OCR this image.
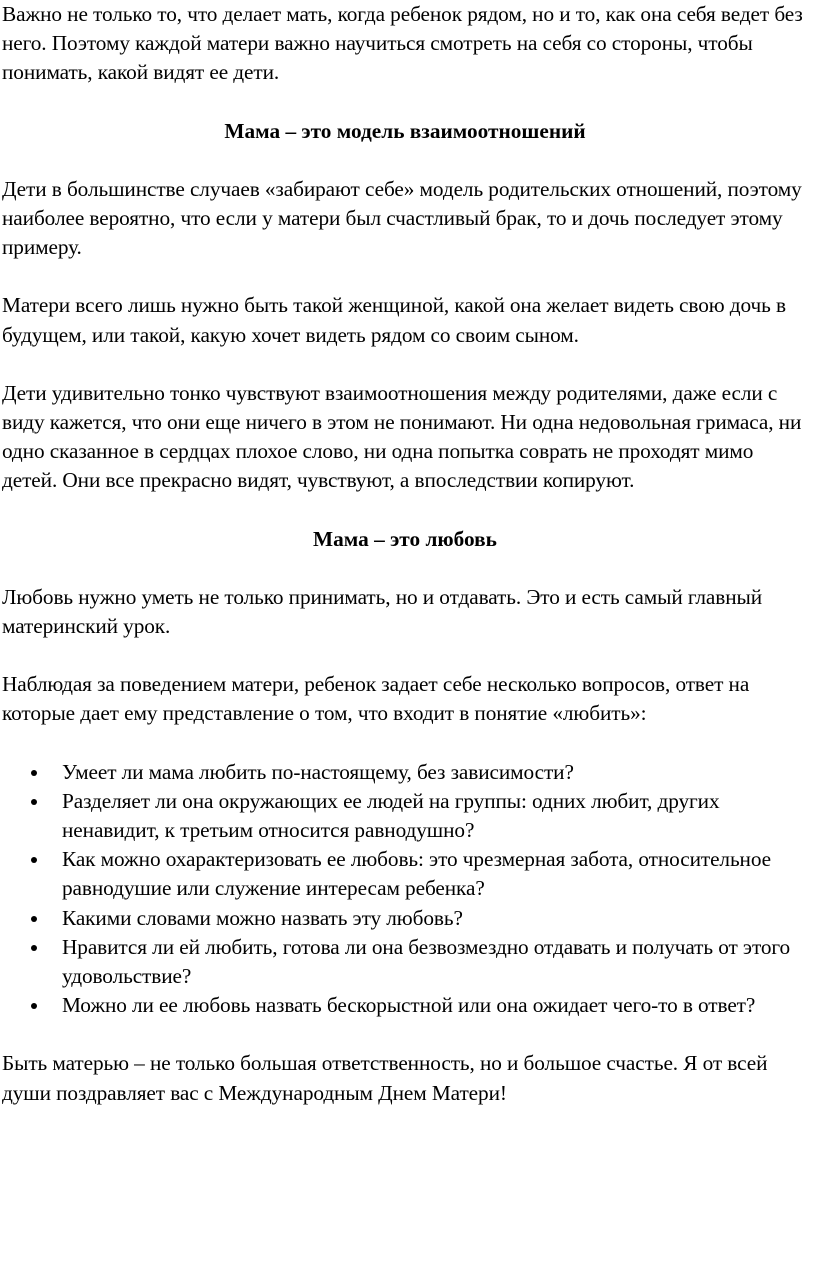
Важно не только то, что делает мать, когда ребенок рядом, но и то, как она себя ведет без него. Поэтому каждой матери важно научиться смотреть на себя со стороны, чтобы понимать, какой видят ее дети.

Мама – это модель взаимоотношений

Дети в большинстве случаев «забирают себе» модель родительских отношений, поэтому наиболее вероятно, что если у матери был счастливый брак, то и дочь последует этому примеру.

Матери всего лишь нужно быть такой женщиной, какой она желает видеть свою дочь в будущем, или такой, какую хочет видеть рядом со своим сыном.

Дети удивительно тонко чувствуют взаимоотношения между родителями, даже если с виду кажется, что они еще ничего в этом не понимают. Ни одна недовольная гримаса, ни одно сказанное в сердцах плохое слово, ни одна попытка соврать не проходят мимо детей. Они все прекрасно видят, чувствуют, а впоследствии копируют.

Мама – это любовь

Любовь нужно уметь не только принимать, но и отдавать. Это и есть самый главный материнский урок.

Наблюдая за поведением матери, ребенок задает себе несколько вопросов, ответ на которые дает ему представление о том, что входит в понятие «любить»:

Умеет ли мама любить по-настоящему, без зависимости?
Разделяет ли она окружающих ее людей на группы: одних любит, других ненавидит, к третьим относится равнодушно?
Как можно охарактеризовать ее любовь: это чрезмерная забота, относительное равнодушие или служение интересам ребенка?
Какими словами можно назвать эту любовь?
Нравится ли ей любить, готова ли она безвозмездно отдавать и получать от этого удовольствие?
Можно ли ее любовь назвать бескорыстной или она ожидает чего-то в ответ?

Быть матерью – не только большая ответственность, но и большое счастье. Я от всей души поздравляет вас с Международным Днем Матери!
